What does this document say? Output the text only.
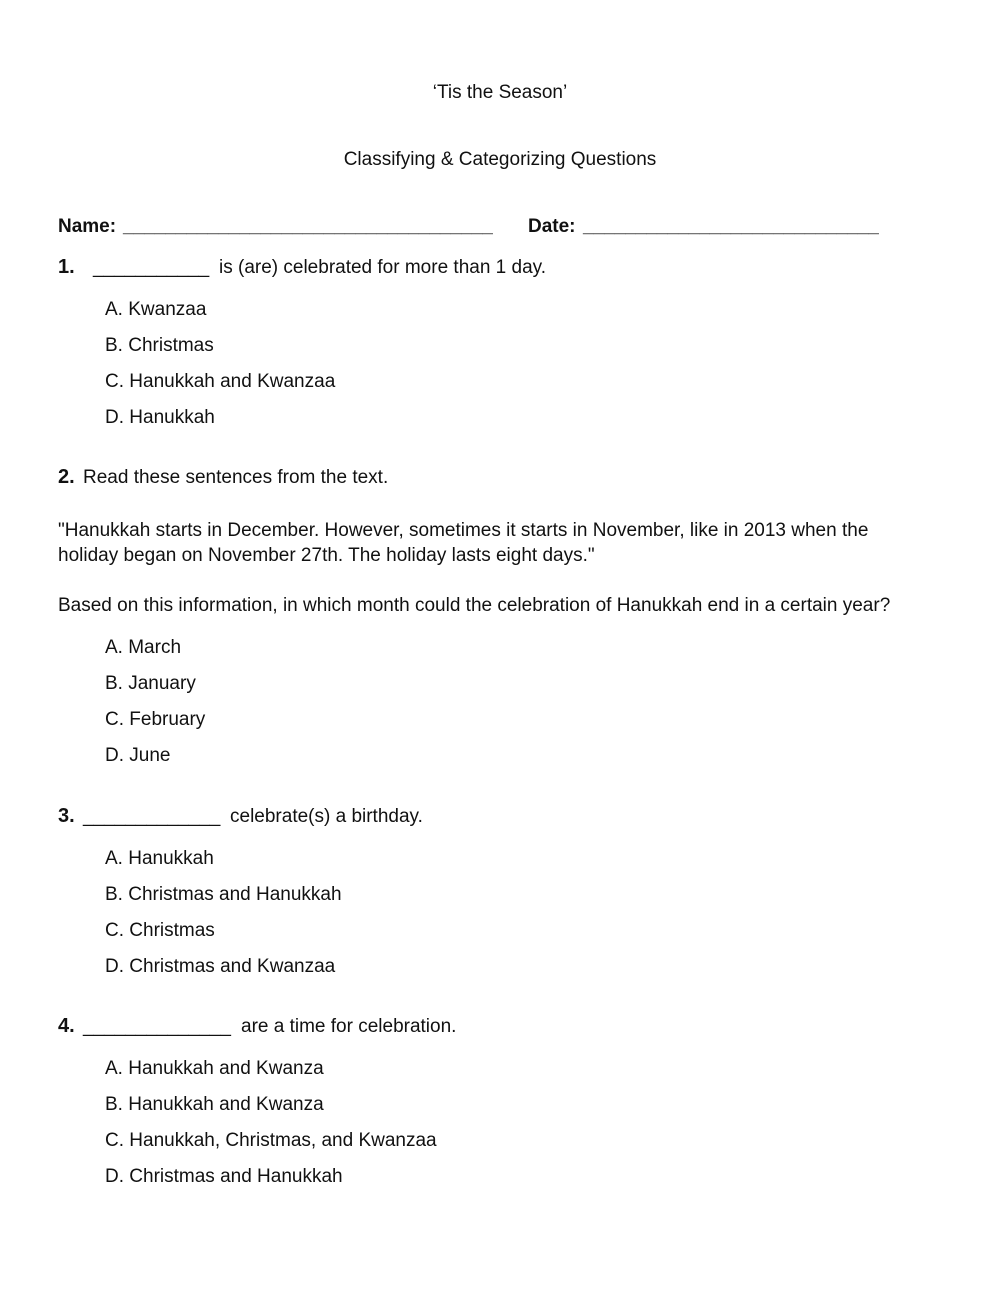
‘Tis the Season’
Classifying & Categorizing Questions
Name: ___________________________________ Date: ____________________________
1. ___________ is (are) celebrated for more than 1 day.
A. Kwanzaa
B. Christmas
C. Hanukkah and Kwanzaa
D. Hanukkah
2. Read these sentences from the text.
"Hanukkah starts in December. However, sometimes it starts in November, like in 2013 when the
holiday began on November 27th. The holiday lasts eight days."
Based on this information, in which month could the celebration of Hanukkah end in a certain year?
A. March
B. January
C. February
D. June
3. _____________ celebrate(s) a birthday.
A. Hanukkah
B. Christmas and Hanukkah
C. Christmas
D. Christmas and Kwanzaa
4. ______________ are a time for celebration.
A. Hanukkah and Kwanza
B. Hanukkah and Kwanza
C. Hanukkah, Christmas, and Kwanzaa
D. Christmas and Hanukkah
